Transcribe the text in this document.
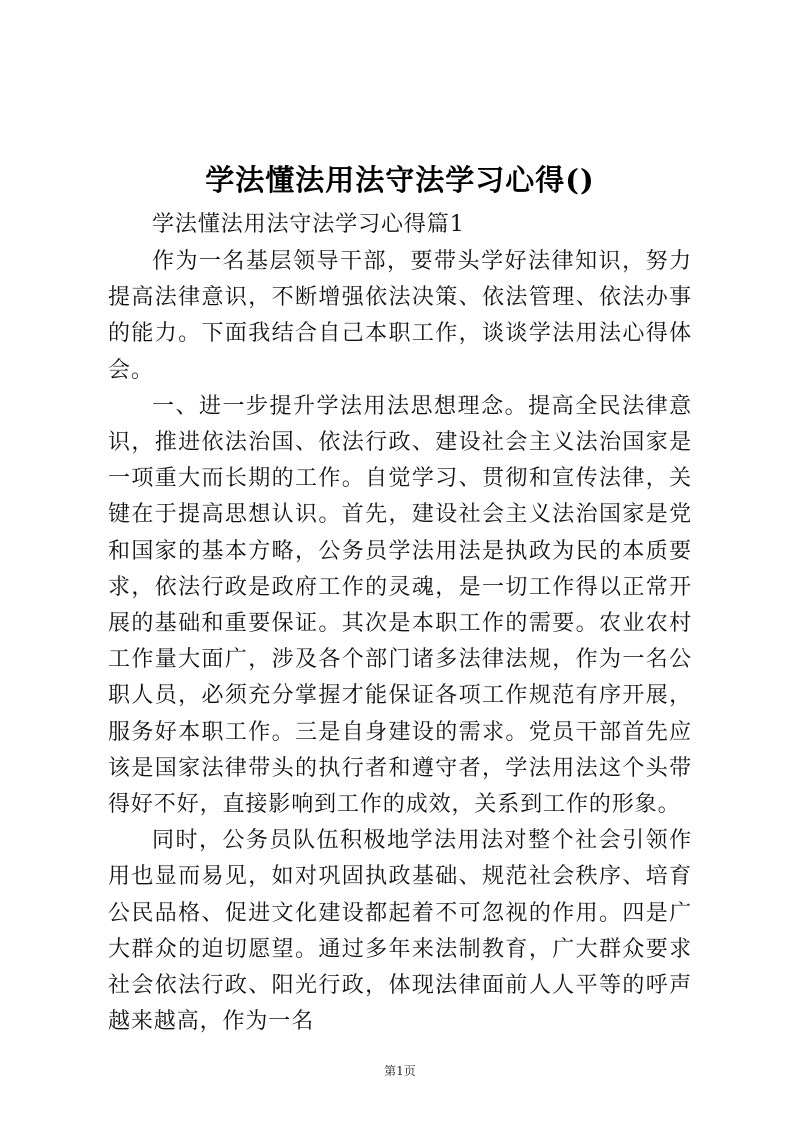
学法懂法用法守法学习心得()

学法懂法用法守法学习心得篇1

作为一名基层领导干部，要带头学好法律知识，努力提高法律意识，不断增强依法决策、依法管理、依法办事的能力。下面我结合自己本职工作，谈谈学法用法心得体会。

一、进一步提升学法用法思想理念。提高全民法律意识，推进依法治国、依法行政、建设社会主义法治国家是一项重大而长期的工作。自觉学习、贯彻和宣传法律，关键在于提高思想认识。首先，建设社会主义法治国家是党和国家的基本方略，公务员学法用法是执政为民的本质要求，依法行政是政府工作的灵魂，是一切工作得以正常开展的基础和重要保证。其次是本职工作的需要。农业农村工作量大面广，涉及各个部门诸多法律法规，作为一名公职人员，必须充分掌握才能保证各项工作规范有序开展，服务好本职工作。三是自身建设的需求。党员干部首先应该是国家法律带头的执行者和遵守者，学法用法这个头带得好不好，直接影响到工作的成效，关系到工作的形象。

同时，公务员队伍积极地学法用法对整个社会引领作用也显而易见，如对巩固执政基础、规范社会秩序、培育公民品格、促进文化建设都起着不可忽视的作用。四是广大群众的迫切愿望。通过多年来法制教育，广大群众要求社会依法行政、阳光行政，体现法律面前人人平等的呼声越来越高，作为一名

第1页
